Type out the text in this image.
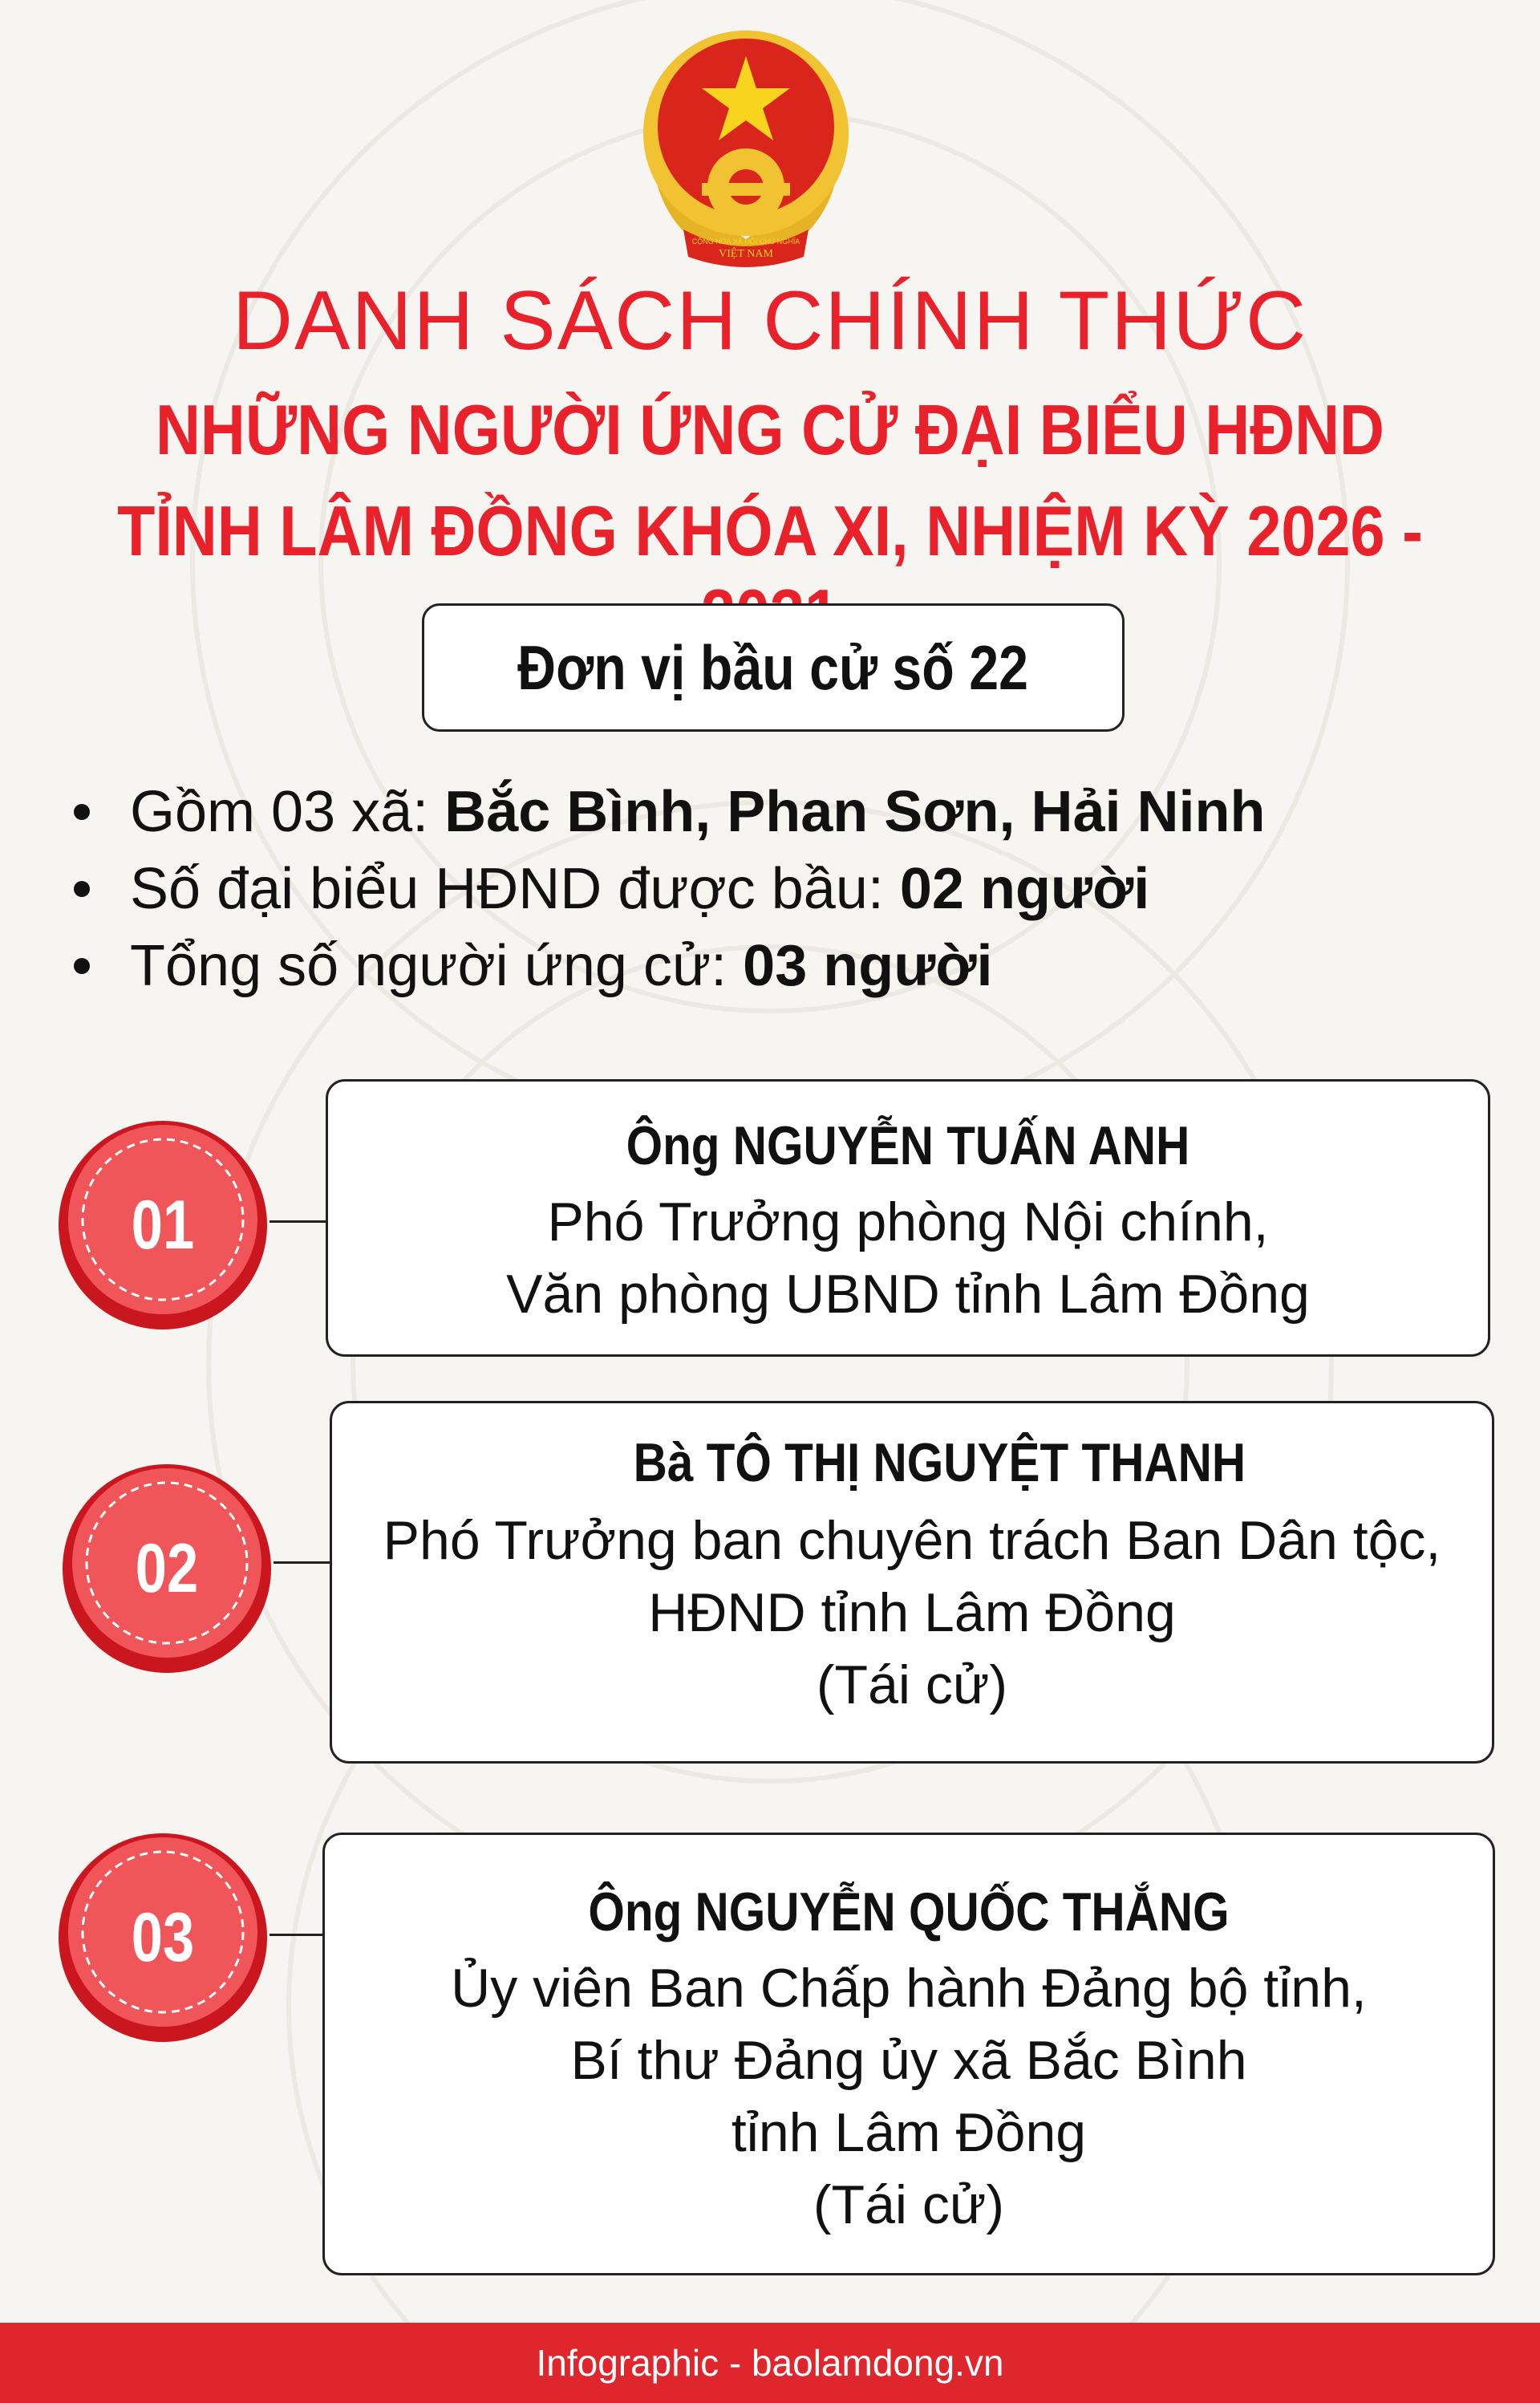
CỘNG HÒA XÃ HỘI CHỦ NGHĨA
VIỆT NAM
DANH SÁCH CHÍNH THỨC
NHỮNG NGƯỜI ỨNG CỬ ĐẠI BIỂU HĐND
TỈNH LÂM ĐỒNG KHÓA XI, NHIỆM KỲ 2026 -
Đơn vị bầu cử số 22
Gồm 03 xã: Bắc Bình, Phan Sơn, Hải Ninh
Số đại biểu HĐND được bầu: 02 người
Tổng số người ứng cử: 03 người
01
Ông NGUYỄN TUẤN ANH
Phó Trưởng phòng Nội chính,
Văn phòng UBND tỉnh Lâm Đồng
02
Bà TÔ THỊ NGUYỆT THANH
Phó Trưởng ban chuyên trách Ban Dân tộc,
HĐND tỉnh Lâm Đồng
(Tái cử)
03	Ông NGUYỄN QUỐC THẮNG
Ủy viên Ban Chấp hành Đảng bộ tỉnh,
Bí thư Đảng ủy xã Bắc Bình
tỉnh Lâm Đồng
(Tái cử)
Infographic - baolamdong.vn
